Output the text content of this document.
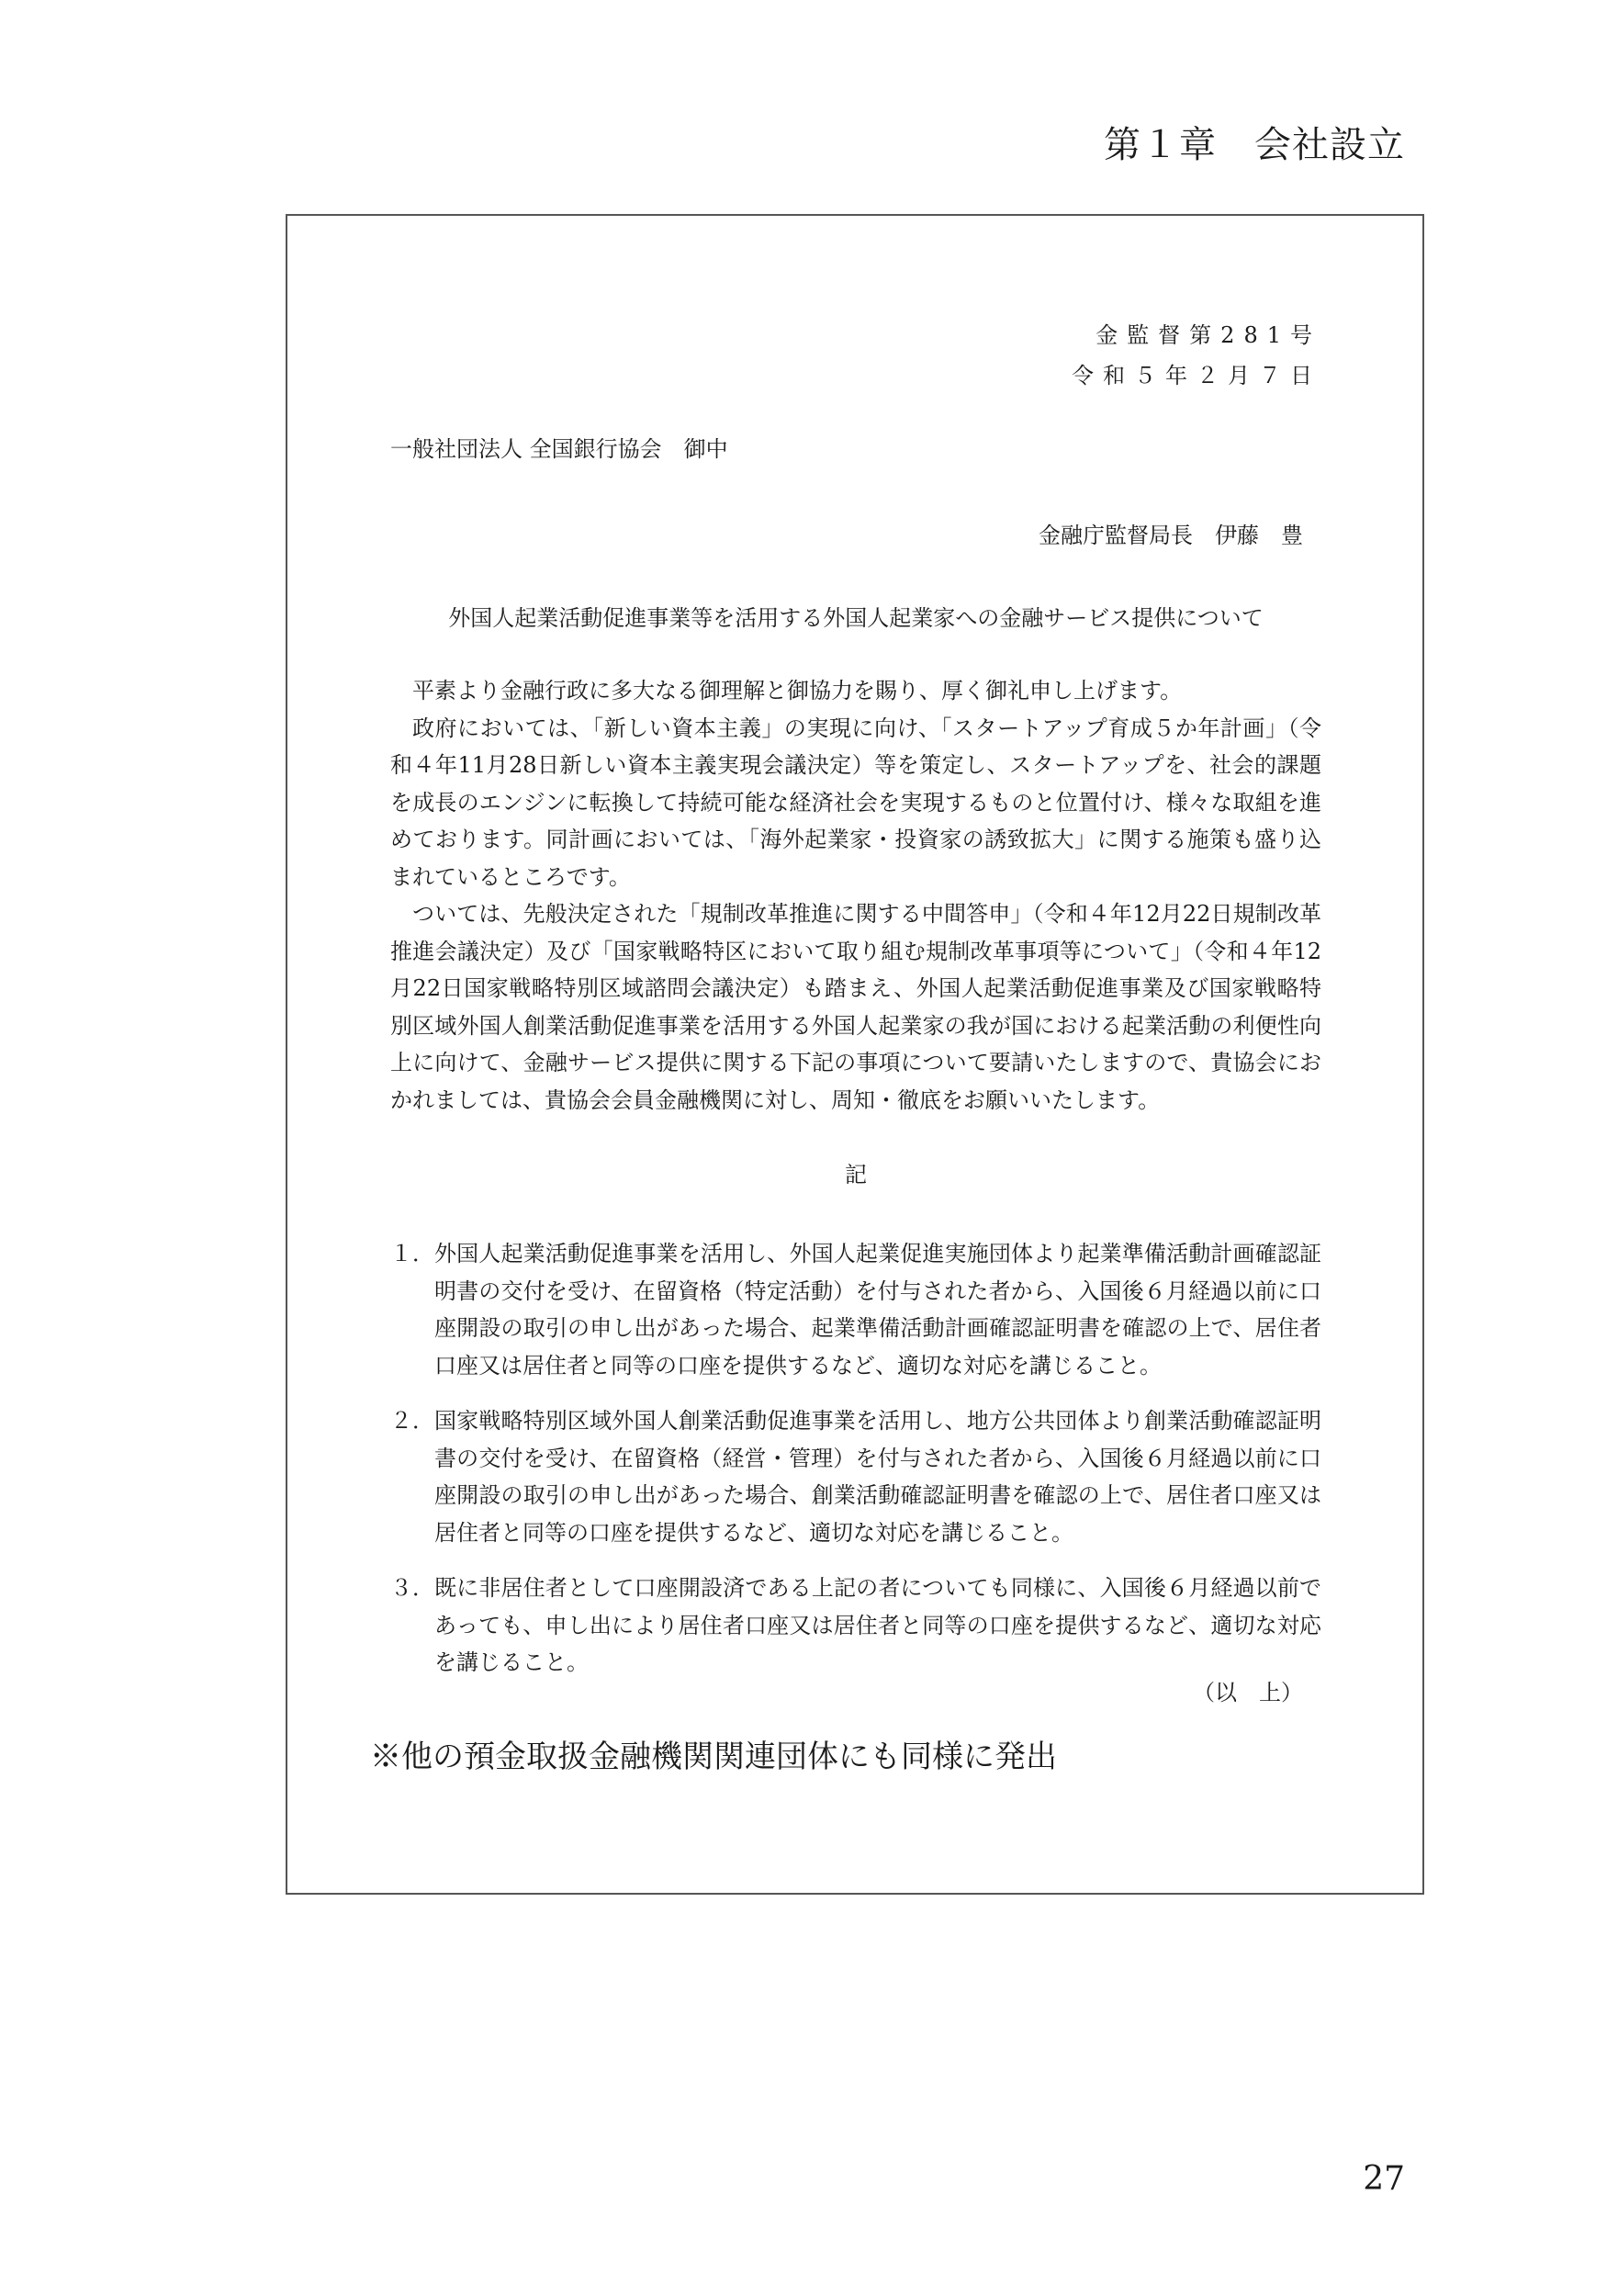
第１章　会社設立
金監督第281号
令和５年２月７日
一般社団法人 全国銀行協会　御中
金融庁監督局長　伊藤　豊
外国人起業活動促進事業等を活用する外国人起業家への金融サービス提供について

平素より金融行政に多大なる御理解と御協力を賜り、厚く御礼申し上げます。

政府においては、「新しい資本主義」の実現に向け、「スタートアップ育成５か年計画」（令和４年11月28日新しい資本主義実現会議決定）等を策定し、スタートアップを、社会的課題を成長のエンジンに転換して持続可能な経済社会を実現するものと位置付け、様々な取組を進めております。同計画においては、「海外起業家・投資家の誘致拡大」に関する施策も盛り込まれているところです。

ついては、先般決定された「規制改革推進に関する中間答申」（令和４年12月22日規制改革推進会議決定）及び「国家戦略特区において取り組む規制改革事項等について」（令和４年12月22日国家戦略特別区域諮問会議決定）も踏まえ、外国人起業活動促進事業及び国家戦略特別区域外国人創業活動促進事業を活用する外国人起業家の我が国における起業活動の利便性向上に向けて、金融サービス提供に関する下記の事項について要請いたしますので、貴協会におかれましては、貴協会会員金融機関に対し、周知・徹底をお願いいたします。

記
１． 外国人起業活動促進事業を活用し、外国人起業促進実施団体より起業準備活動計画確認証明書の交付を受け、在留資格（特定活動）を付与された者から、入国後６月経過以前に口座開設の取引の申し出があった場合、起業準備活動計画確認証明書を確認の上で、居住者口座又は居住者と同等の口座を提供するなど、適切な対応を講じること。
２． 国家戦略特別区域外国人創業活動促進事業を活用し、地方公共団体より創業活動確認証明書の交付を受け、在留資格（経営・管理）を付与された者から、入国後６月経過以前に口座開設の取引の申し出があった場合、創業活動確認証明書を確認の上で、居住者口座又は居住者と同等の口座を提供するなど、適切な対応を講じること。
３． 既に非居住者として口座開設済である上記の者についても同様に、入国後６月経過以前であっても、申し出により居住者口座又は居住者と同等の口座を提供するなど、適切な対応を講じること。
（以　上）
※他の預金取扱金融機関関連団体にも同様に発出
27
